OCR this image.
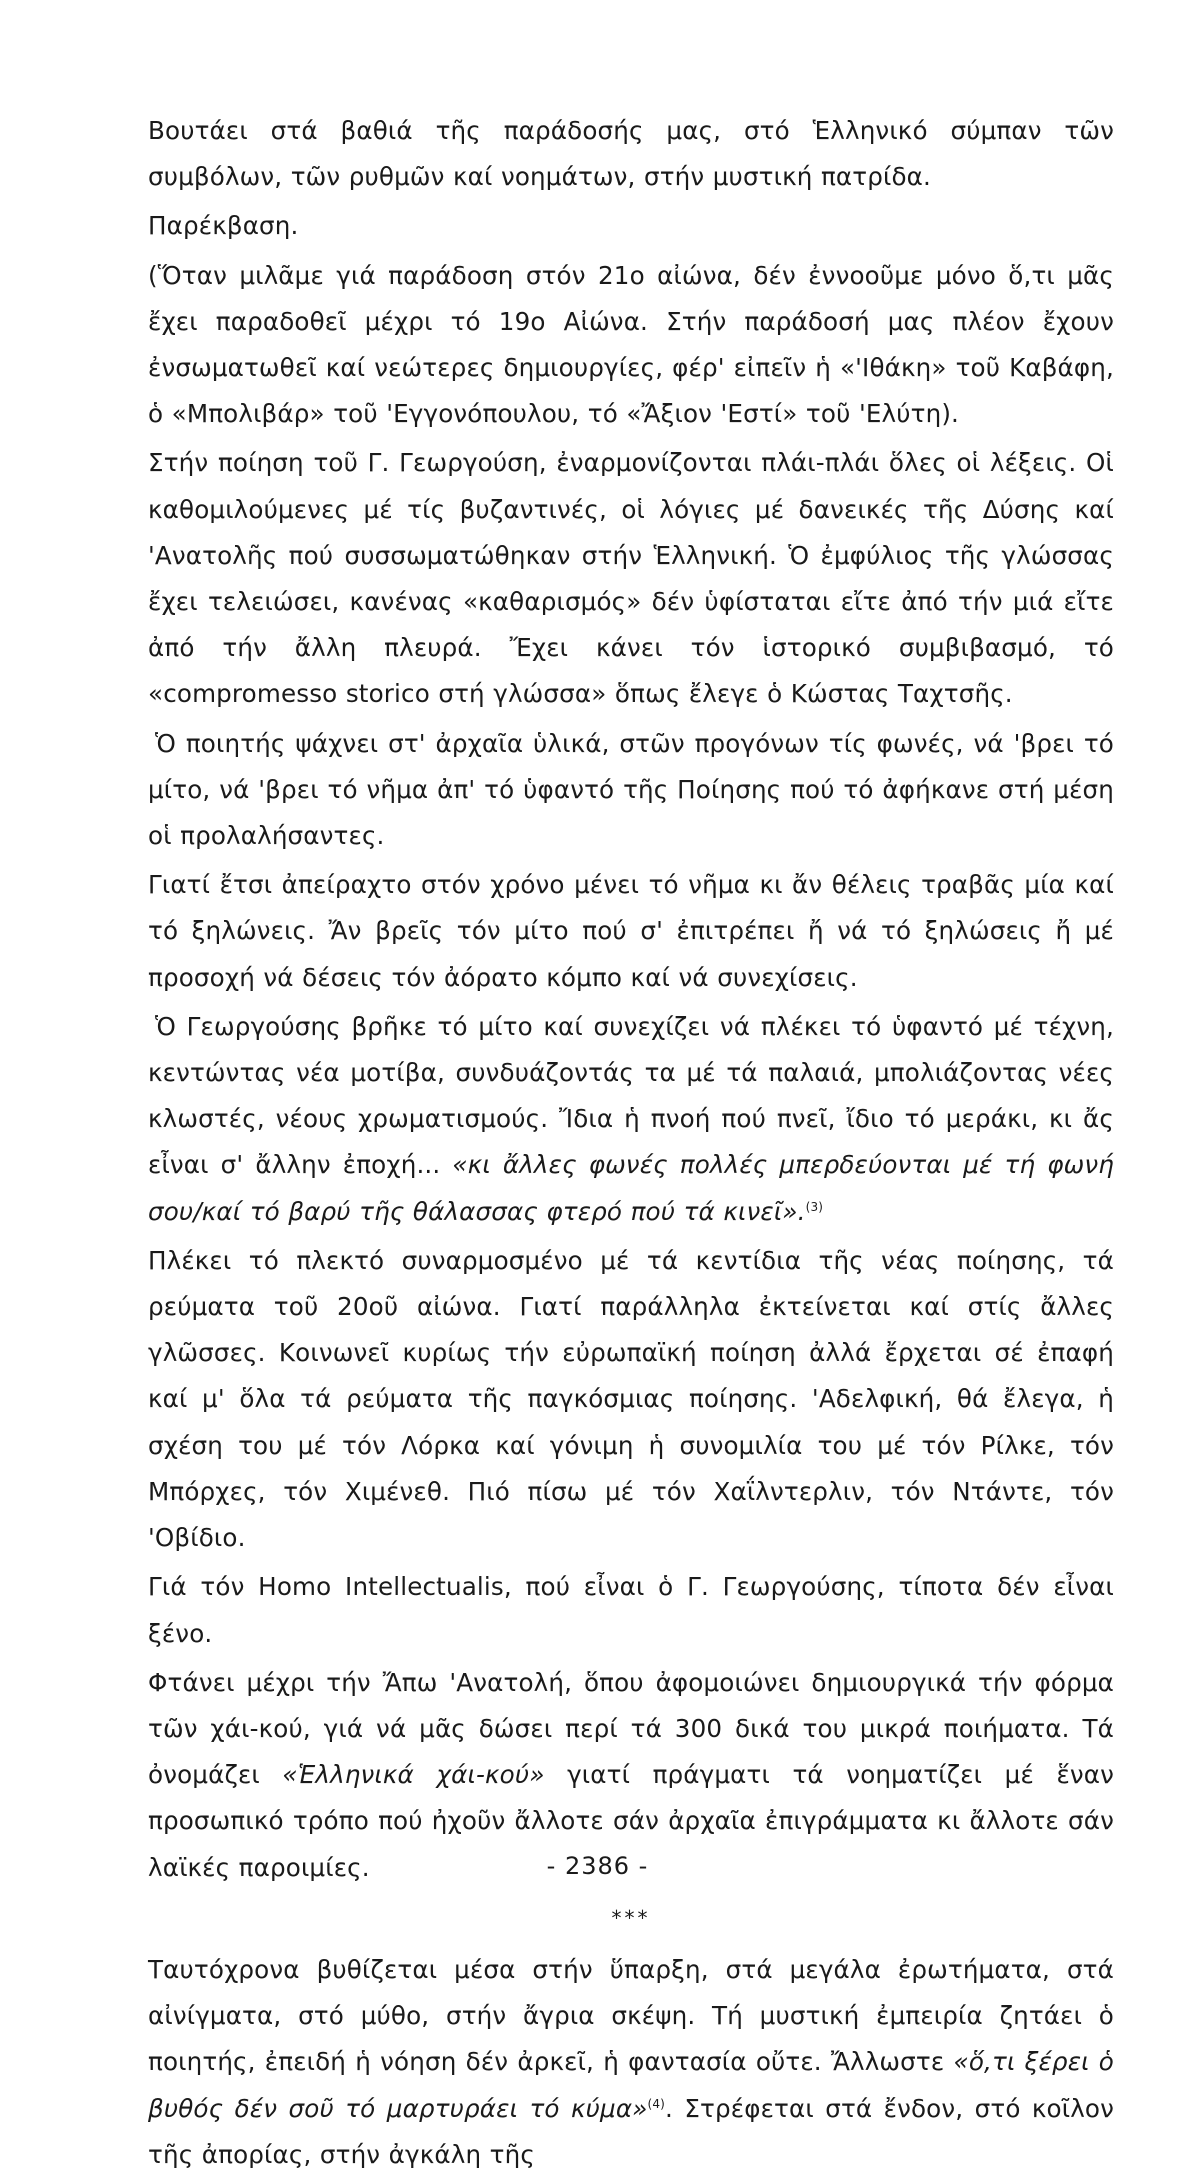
Βουτάει στά βαθιά τῆς παράδοσής μας, στό Ἑλληνικό σύμπαν τῶν συμβόλων, τῶν ρυθμῶν καί νοημάτων, στήν μυστική πατρίδα.

Παρέκβαση.

(Ὅταν μιλᾶμε γιά παράδοση στόν 21ο αἰώνα, δέν ἐννοοῦμε μόνο ὅ,τι μᾶς ἔχει παραδοθεῖ μέχρι τό 19ο Αἰώνα. Στήν παράδοσή μας πλέον ἔχουν ἐνσωματωθεῖ καί νεώτερες δημιουργίες, φέρ' εἰπεῖν ἡ «'Ιθάκη» τοῦ Καβάφη, ὁ «Μπολιβάρ» τοῦ 'Εγγονόπουλου, τό «Ἄξιον 'Εστί» τοῦ 'Ελύτη).

Στήν ποίηση τοῦ Γ. Γεωργούση, ἐναρμονίζονται πλάι-πλάι ὅλες οἱ λέξεις. Οἱ καθομιλούμενες μέ τίς βυζαντινές, οἱ λόγιες μέ δανεικές τῆς Δύσης καί 'Ανατολῆς πού συσσωματώθηκαν στήν Ἑλληνική. Ὁ ἐμφύλιος τῆς γλώσσας ἔχει τελειώσει, κανένας «καθαρισμός» δέν ὑφίσταται εἴτε ἀπό τήν μιά εἴτε ἀπό τήν ἄλλη πλευρά. Ἔχει κάνει τόν ἱστορικό συμβιβασμό, τό «compromesso storico στή γλώσσα» ὅπως ἔλεγε ὁ Κώστας Ταχτσῆς.

Ὁ ποιητής ψάχνει στ' ἀρχαῖα ὑλικά, στῶν προγόνων τίς φωνές, νά 'βρει τό μίτο, νά 'βρει τό νῆμα ἀπ' τό ὑφαντό τῆς Ποίησης πού τό ἀφήκανε στή μέση οἱ προλαλήσαντες.

Γιατί ἔτσι ἀπείραχτο στόν χρόνο μένει τό νῆμα κι ἄν θέλεις τραβᾶς μία καί τό ξηλώνεις. Ἄν βρεῖς τόν μίτο πού σ' ἐπιτρέπει ἤ νά τό ξηλώσεις ἤ μέ προσοχή νά δέσεις τόν ἀόρατο κόμπο καί νά συνεχίσεις.

Ὁ Γεωργούσης βρῆκε τό μίτο καί συνεχίζει νά πλέκει τό ὑφαντό μέ τέχνη, κεντώντας νέα μοτίβα, συνδυάζοντάς τα μέ τά παλαιά, μπολιάζοντας νέες κλωστές, νέους χρωματισμούς. Ἴδια ἡ πνοή πού πνεῖ, ἴδιο τό μεράκι, κι ἄς εἶναι σ' ἄλλην ἐποχή... «κι ἄλλες φωνές πολλές μπερδεύονται μέ τή φωνή σου/καί τό βαρύ τῆς θάλασσας φτερό πού τά κινεῖ».$^{(3)}$

Πλέκει τό πλεκτό συναρμοσμένο μέ τά κεντίδια τῆς νέας ποίησης, τά ρεύματα τοῦ 20οῦ αἰώνα. Γιατί παράλληλα ἐκτείνεται καί στίς ἄλλες γλῶσσες. Κοινωνεῖ κυρίως τήν εὐρωπαϊκή ποίηση ἀλλά ἔρχεται σέ ἐπαφή καί μ' ὅλα τά ρεύματα τῆς παγκόσμιας ποίησης. 'Αδελφική, θά ἔλεγα, ἡ σχέση του μέ τόν Λόρκα καί γόνιμη ἡ συνομιλία του μέ τόν Ρίλκε, τόν Μπόρχες, τόν Χιμένεθ. Πιό πίσω μέ τόν Χαΐλντερλιν, τόν Ντάντε, τόν 'Οβίδιο.

Γιά τόν Homo Intellectualis, πού εἶναι ὁ Γ. Γεωργούσης, τίποτα δέν εἶναι ξένο.

Φτάνει μέχρι τήν Ἄπω 'Ανατολή, ὅπου ἀφομοιώνει δημιουργικά τήν φόρμα τῶν χάι-κού, γιά νά μᾶς δώσει περί τά 300 δικά του μικρά ποιήματα. Τά ὀνομάζει «Ἑλληνικά χάι-κού» γιατί πράγματι τά νοηματίζει μέ ἕναν προσωπικό τρόπο πού ἠχοῦν ἄλλοτε σάν ἀρχαῖα ἐπιγράμματα κι ἄλλοτε σάν λαϊκές παροιμίες.

***

Ταυτόχρονα βυθίζεται μέσα στήν ὕπαρξη, στά μεγάλα ἐρωτήματα, στά αἰνίγματα, στό μύθο, στήν ἄγρια σκέψη. Τή μυστική ἐμπειρία ζητάει ὁ ποιητής, ἐπειδή ἡ νόηση δέν ἀρκεῖ, ἡ φαντασία οὔτε. Ἄλλωστε «ὅ,τι ξέρει ὁ βυθός δέν σοῦ τό μαρτυράει τό κύμα»$^{(4)}$. Στρέφεται στά ἔνδον, στό κοῖλον τῆς ἀπορίας, στήν ἀγκάλη τῆς

- 2386 -
